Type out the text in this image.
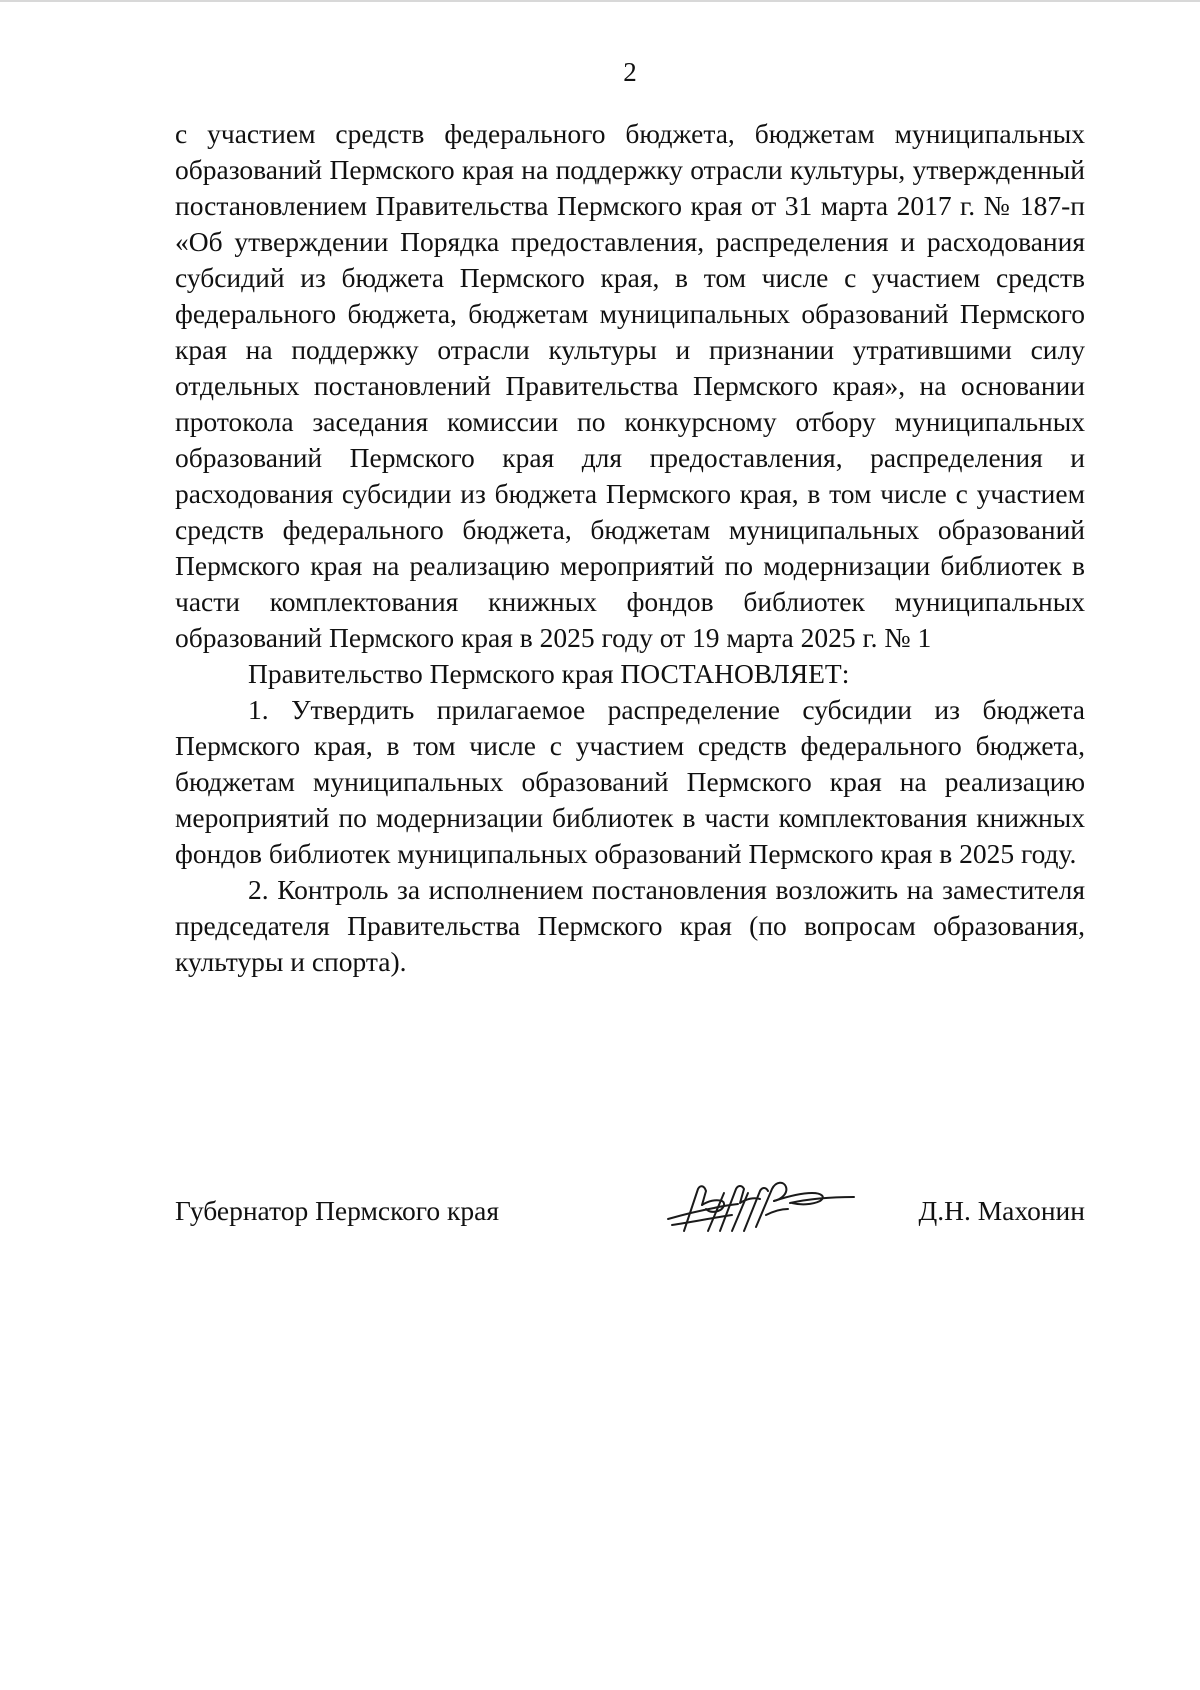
2

с участием средств федерального бюджета, бюджетам муниципальных образований Пермского края на поддержку отрасли культуры, утвержденный постановлением Правительства Пермского края от 31 марта 2017 г. № 187-п «Об утверждении Порядка предоставления, распределения и расходования субсидий из бюджета Пермского края, в том числе с участием средств федерального бюджета, бюджетам муниципальных образований Пермского края на поддержку отрасли культуры и признании утратившими силу отдельных постановлений Правительства Пермского края», на основании протокола заседания комиссии по конкурсному отбору муниципальных образований Пермского края для предоставления, распределения и расходования субсидии из бюджета Пермского края, в том числе с участием средств федерального бюджета, бюджетам муниципальных образований Пермского края на реализацию мероприятий по модернизации библиотек в части комплектования книжных фондов библиотек муниципальных образований Пермского края в 2025 году от 19 марта 2025 г. № 1

Правительство Пермского края ПОСТАНОВЛЯЕТ:

1. Утвердить прилагаемое распределение субсидии из бюджета Пермского края, в том числе с участием средств федерального бюджета, бюджетам муниципальных образований Пермского края на реализацию мероприятий по модернизации библиотек в части комплектования книжных фондов библиотек муниципальных образований Пермского края в 2025 году.

2. Контроль за исполнением постановления возложить на заместителя председателя Правительства Пермского края (по вопросам образования, культуры и спорта).

Губернатор Пермского края	Д.Н. Махонин
